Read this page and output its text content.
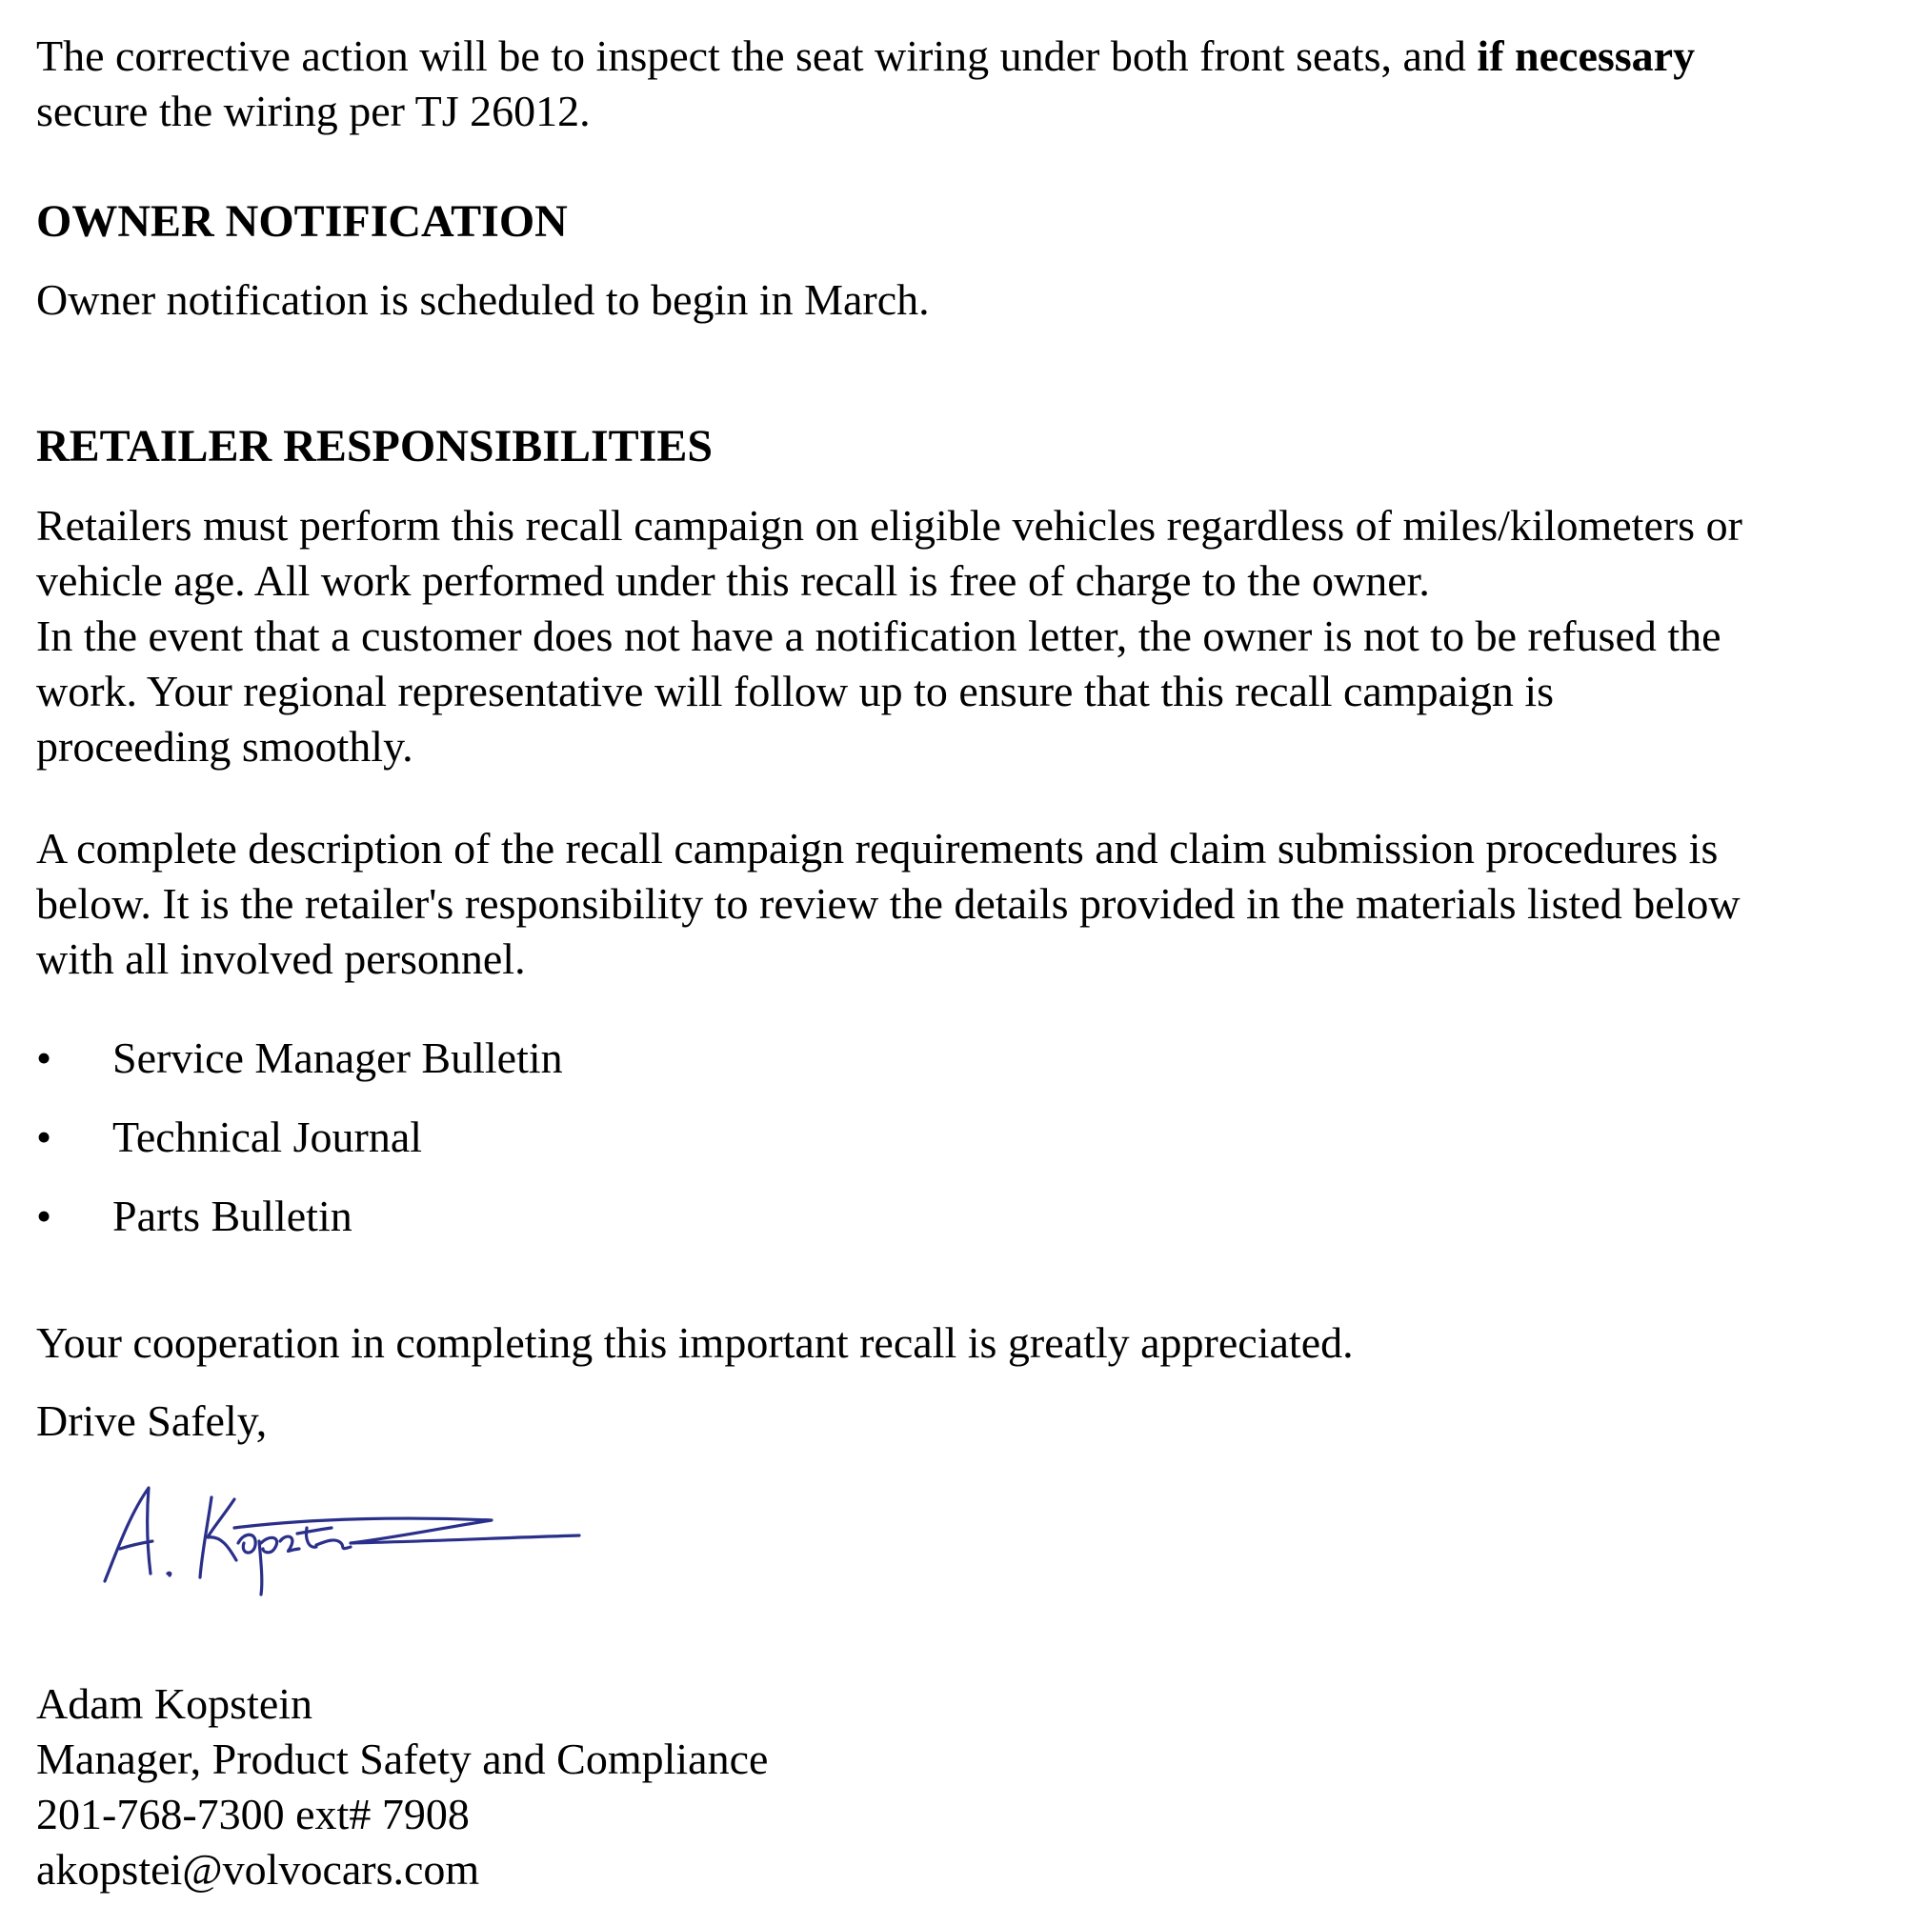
The corrective action will be to inspect the seat wiring under both front seats, and if necessary
secure the wiring per TJ 26012.
OWNER NOTIFICATION
Owner notification is scheduled to begin in March.
RETAILER RESPONSIBILITIES
Retailers must perform this recall campaign on eligible vehicles regardless of miles/kilometers or
vehicle age. All work performed under this recall is free of charge to the owner.
In the event that a customer does not have a notification letter, the owner is not to be refused the
work. Your regional representative will follow up to ensure that this recall campaign is
proceeding smoothly.
A complete description of the recall campaign requirements and claim submission procedures is
below. It is the retailer's responsibility to review the details provided in the materials listed below
with all involved personnel.
• Service Manager Bulletin
• Technical Journal
• Parts Bulletin
Your cooperation in completing this important recall is greatly appreciated.
Drive Safely,
Adam Kopstein
Manager, Product Safety and Compliance
201-768-7300 ext# 7908
akopstei@volvocars.com
